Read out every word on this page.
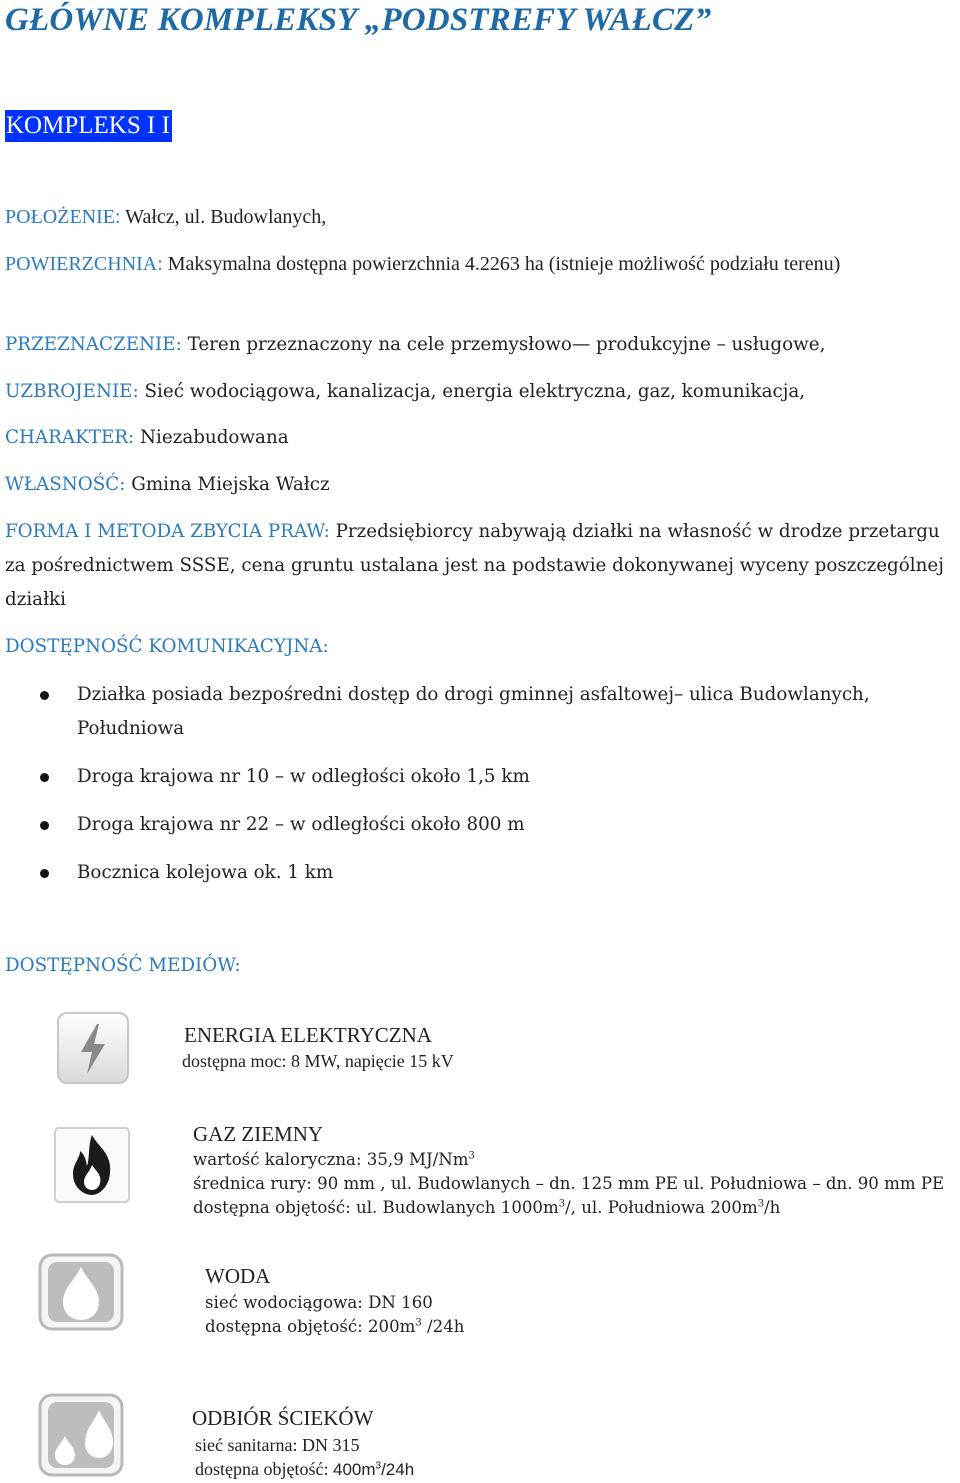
GŁÓWNE KOMPLEKSY „PODSTREFY WAŁCZ”
KOMPLEKS I I
POŁOŻENIE: Wałcz, ul. Budowlanych,
POWIERZCHNIA: Maksymalna dostępna powierzchnia 4.2263 ha (istnieje możliwość podziału terenu)
PRZEZNACZENIE: Teren przeznaczony na cele przemysłowo— produkcyjne – usługowe,
UZBROJENIE: Sieć wodociągowa, kanalizacja, energia elektryczna, gaz, komunikacja,
CHARAKTER: Niezabudowana
WŁASNOŚĆ: Gmina Miejska Wałcz
FORMA I METODA ZBYCIA PRAW: Przedsiębiorcy nabywają działki na własność w drodze przetargu za pośrednictwem SSSE, cena gruntu ustalana jest na podstawie dokonywanej wyceny poszczególnej działki
DOSTĘPNOŚĆ KOMUNIKACYJNA:
Działka posiada bezpośredni dostęp do drogi gminnej asfaltowej– ulica Budowlanych, Południowa
Droga krajowa nr 10 – w odległości około 1,5 km
Droga krajowa nr 22 – w odległości około 800 m
Bocznica kolejowa ok. 1 km
DOSTĘPNOŚĆ MEDIÓW:
ENERGIA ELEKTRYCZNA
dostępna moc: 8 MW, napięcie 15 kV
GAZ ZIEMNY
wartość kaloryczna: 35,9 MJ/Nm$^3$
średnica rury: 90 mm , ul. Budowlanych – dn. 125 mm PE ul. Południowa – dn. 90 mm PE
dostępna objętość: ul. Budowlanych $1000m^3/$, ul. Południowa $200m^3/h$
WODA
sieć wodociągowa: DN 160
dostępna objętość: $200m^3$ /24h
ODBIÓR ŚCIEKÓW
sieć sanitarna: DN 315
dostępna objętość: $400m^3/24h$
